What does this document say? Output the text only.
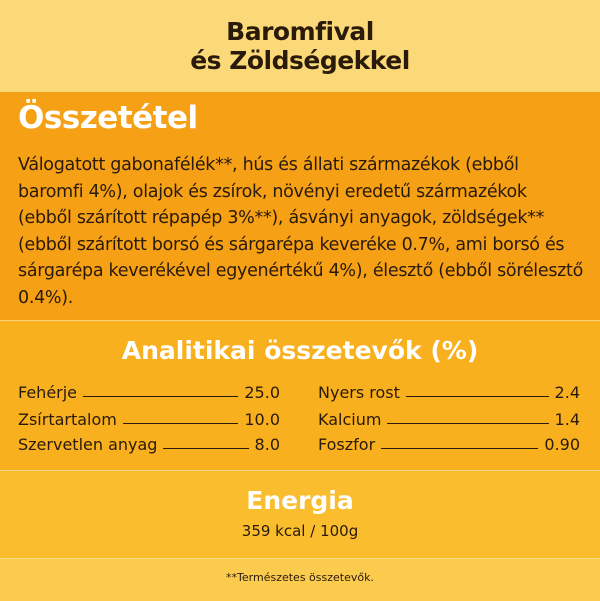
Baromfival
és Zöldségekkel
Összetétel
Válogatott gabonafélék**, hús és állati származékok (ebből baromfi 4%), olajok és zsírok, növényi eredetű származékok (ebből szárított répapép 3%**), ásványi anyagok, zöldségek** (ebből szárított borsó és sárgarépa keveréke 0.7%, ami borsó és sárgarépa keverékével egyenértékű 4%), élesztő (ebből sörélesztő 0.4%).
Analitikai összetevők (%)
Fehérje	25.0
Zsírtartalom	10.0
Szervetlen anyag	8.0
Nyers rost	2.4
Kalcium	1.4
Foszfor	0.90
Energia
359 kcal / 100g
**Természetes összetevők.
